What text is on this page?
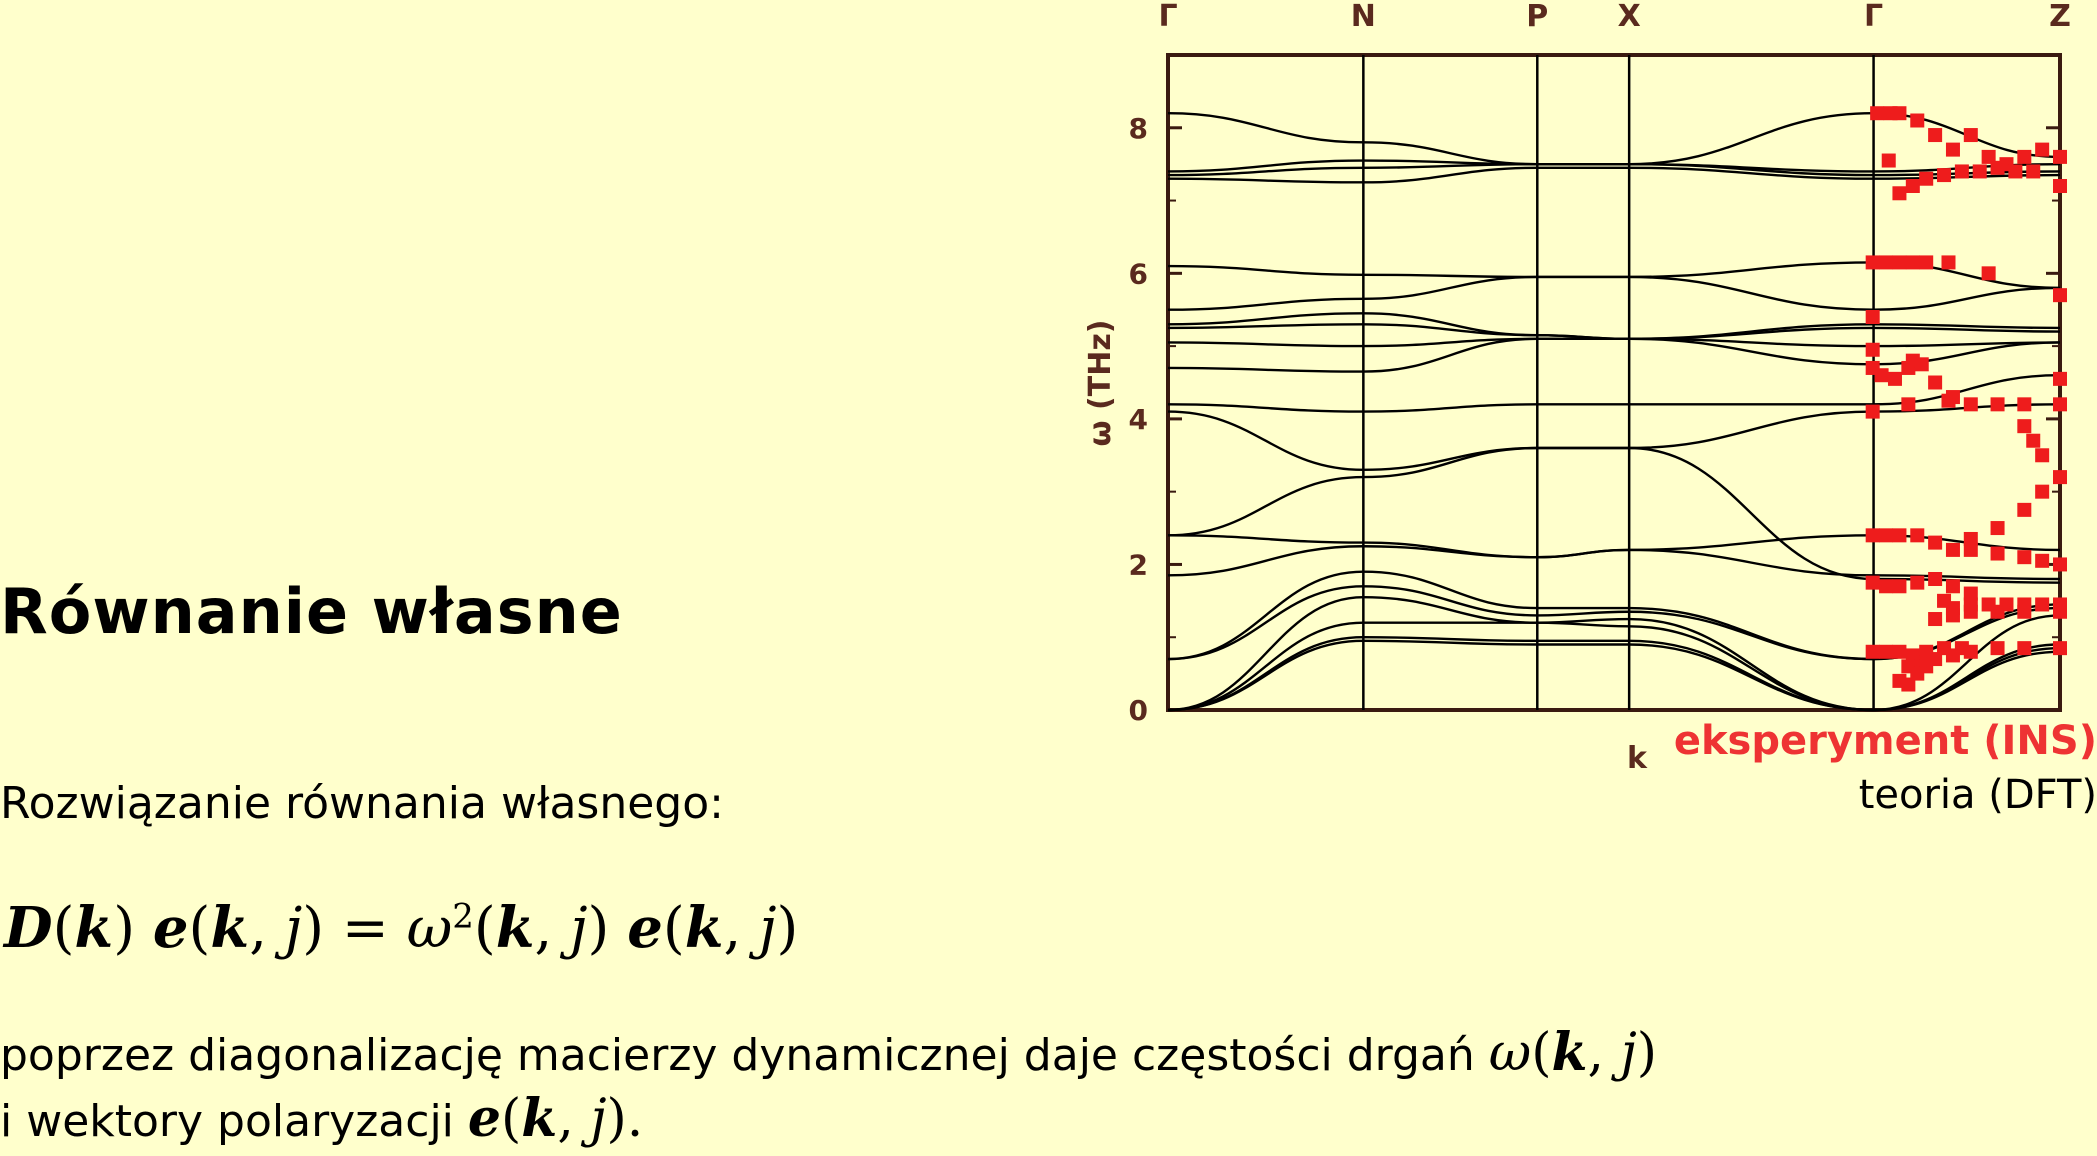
Równanie własne
Rozwiązanie równania własnego:
D(k) e(k, $j) = \omega^2(k$, j) e(k, j)
poprzez diagonalizację macierzy dynamicznej daje częstości drgań ω(k, j)
i wektory polaryzacji e(k, j).
eksperyment (INS)
teoria (DFT)
Γ	N	P X	Γ	Z
0
2
4
6
8
ω (THz)
k
